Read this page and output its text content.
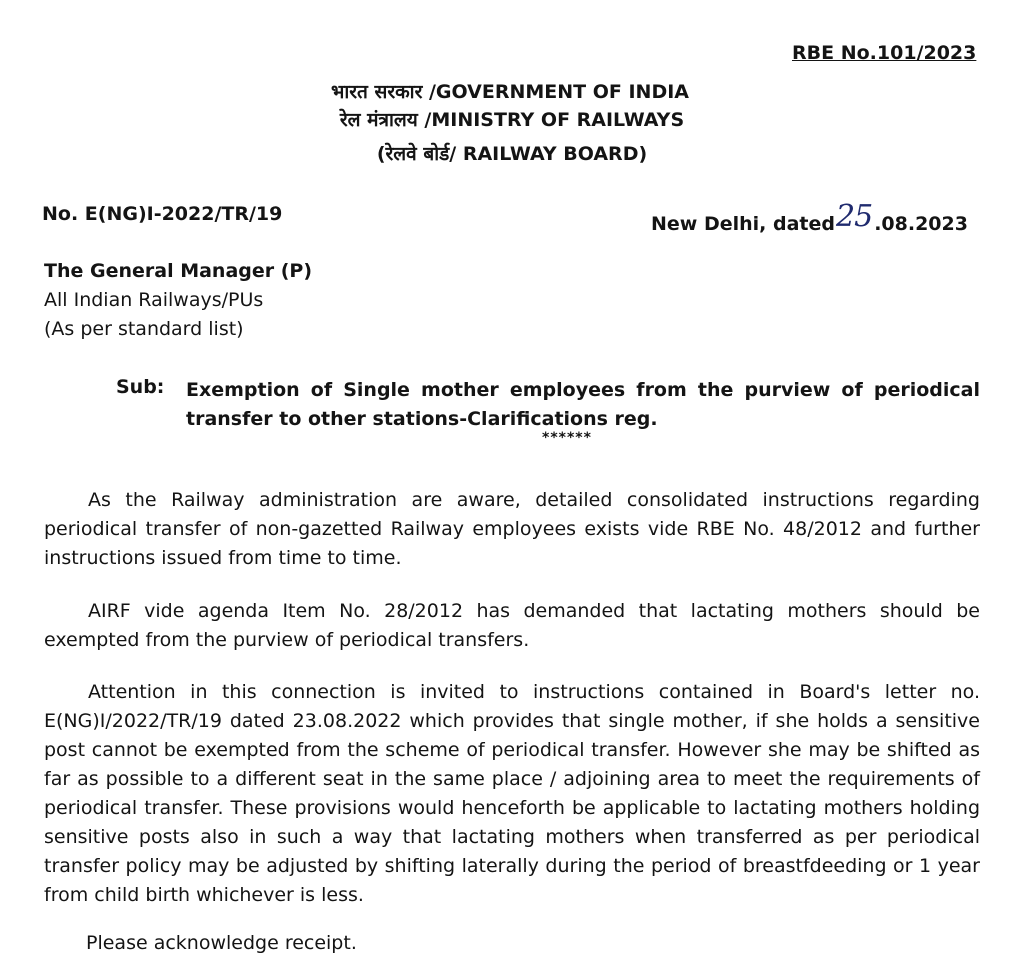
RBE No.101/2023
भारत सरकार /GOVERNMENT OF INDIA
रेल मंत्रालय /MINISTRY OF RAILWAYS
(रेलवे बोर्ड/ RAILWAY BOARD)
No. E(NG)I-2022/TR/19	New Delhi, dated25 .08.2023
The General Manager (P)
All Indian Railways/PUs
(As per standard list)
Sub: Exemption of Single mother employees from the purview of periodical transfer to other stations-Clarifications reg.
******
As the Railway administration are aware, detailed consolidated instructions regarding periodical transfer of non-gazetted Railway employees exists vide RBE No. 48/2012 and further instructions issued from time to time.
AIRF vide agenda Item No. 28/2012 has demanded that lactating mothers should be exempted from the purview of periodical transfers.
Attention in this connection is invited to instructions contained in Board's letter no. E(NG)I/2022/TR/19 dated 23.08.2022 which provides that single mother, if she holds a sensitive post cannot be exempted from the scheme of periodical transfer. However she may be shifted as far as possible to a different seat in the same place / adjoining area to meet the requirements of periodical transfer. These provisions would henceforth be applicable to lactating mothers holding sensitive posts also in such a way that lactating mothers when transferred as per periodical transfer policy may be adjusted by shifting laterally during the period of breastfdeeding or 1 year from child birth whichever is less.
Please acknowledge receipt.
